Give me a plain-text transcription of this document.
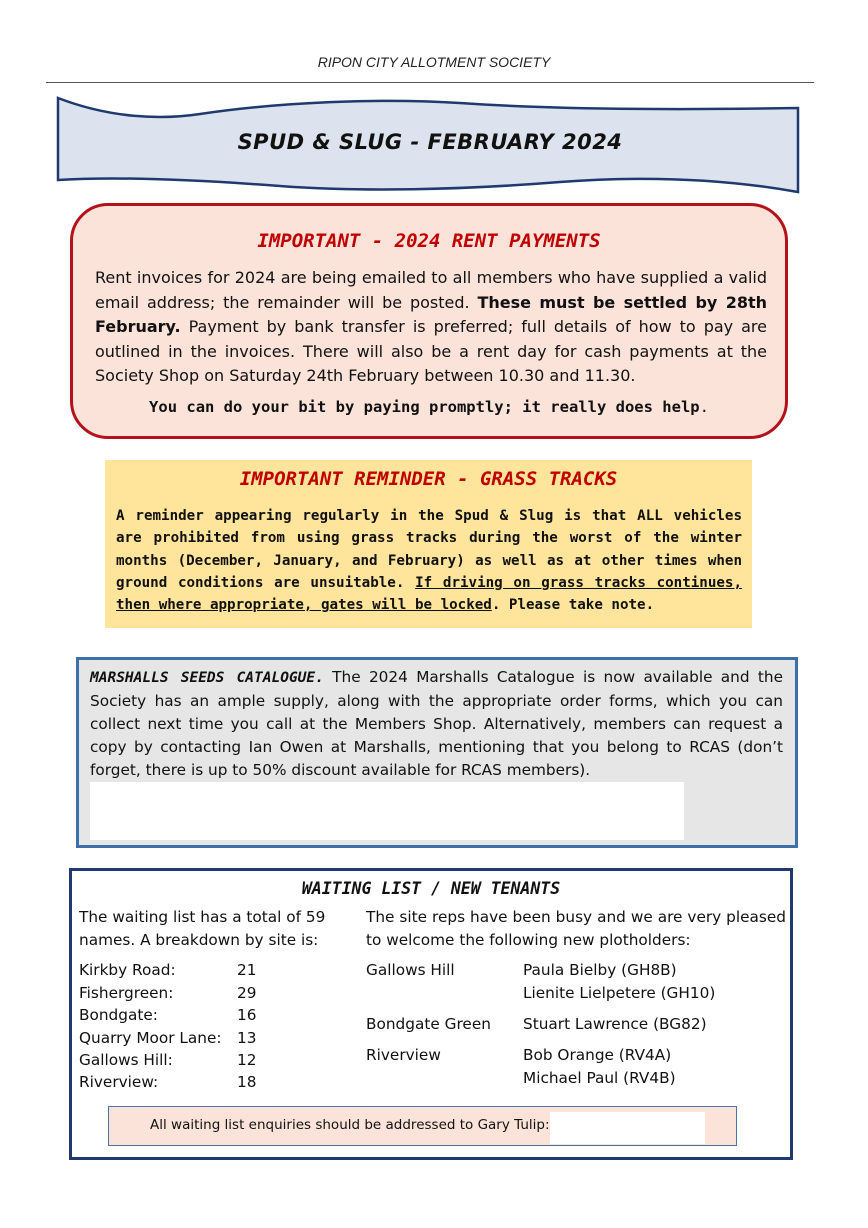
RIPON CITY ALLOTMENT SOCIETY
SPUD & SLUG - FEBRUARY 2024
IMPORTANT - 2024 RENT PAYMENTS
Rent invoices for 2024 are being emailed to all members who have supplied a valid email address; the remainder will be posted. These must be settled by 28th February. Payment by bank transfer is preferred; full details of how to pay are outlined in the invoices. There will also be a rent day for cash payments at the Society Shop on Saturday 24th February between 10.30 and 11.30.
You can do your bit by paying promptly; it really does help.
IMPORTANT REMINDER - GRASS TRACKS
A reminder appearing regularly in the Spud & Slug is that ALL vehicles are prohibited from using grass tracks during the worst of the winter months (December, January, and February) as well as at other times when ground conditions are unsuitable. If driving on grass tracks continues, then where appropriate, gates will be locked. Please take note.
MARSHALLS SEEDS CATALOGUE. The 2024 Marshalls Catalogue is now available and the Society has an ample supply, along with the appropriate order forms, which you can collect next time you call at the Members Shop. Alternatively, members can request a copy by contacting Ian Owen at Marshalls, mentioning that you belong to RCAS (don’t forget, there is up to 50% discount available for RCAS members).
WAITING LIST / NEW TENANTS
The waiting list has a total of 59 names. A breakdown by site is:
The site reps have been busy and we are very pleased to welcome the following new plotholders:
Kirkby Road:	21
Fishergreen:	29
Bondgate:	16
Quarry Moor Lane: 13
Gallows Hill:	12
Riverview:	18
Gallows Hill	Paula Bielby (GH8B)
Lienite Lielpetere (GH10)
Bondgate Green Stuart Lawrence (BG82)
Riverview	Bob Orange (RV4A)
Michael Paul (RV4B)
All waiting list enquiries should be addressed to Gary Tulip:
